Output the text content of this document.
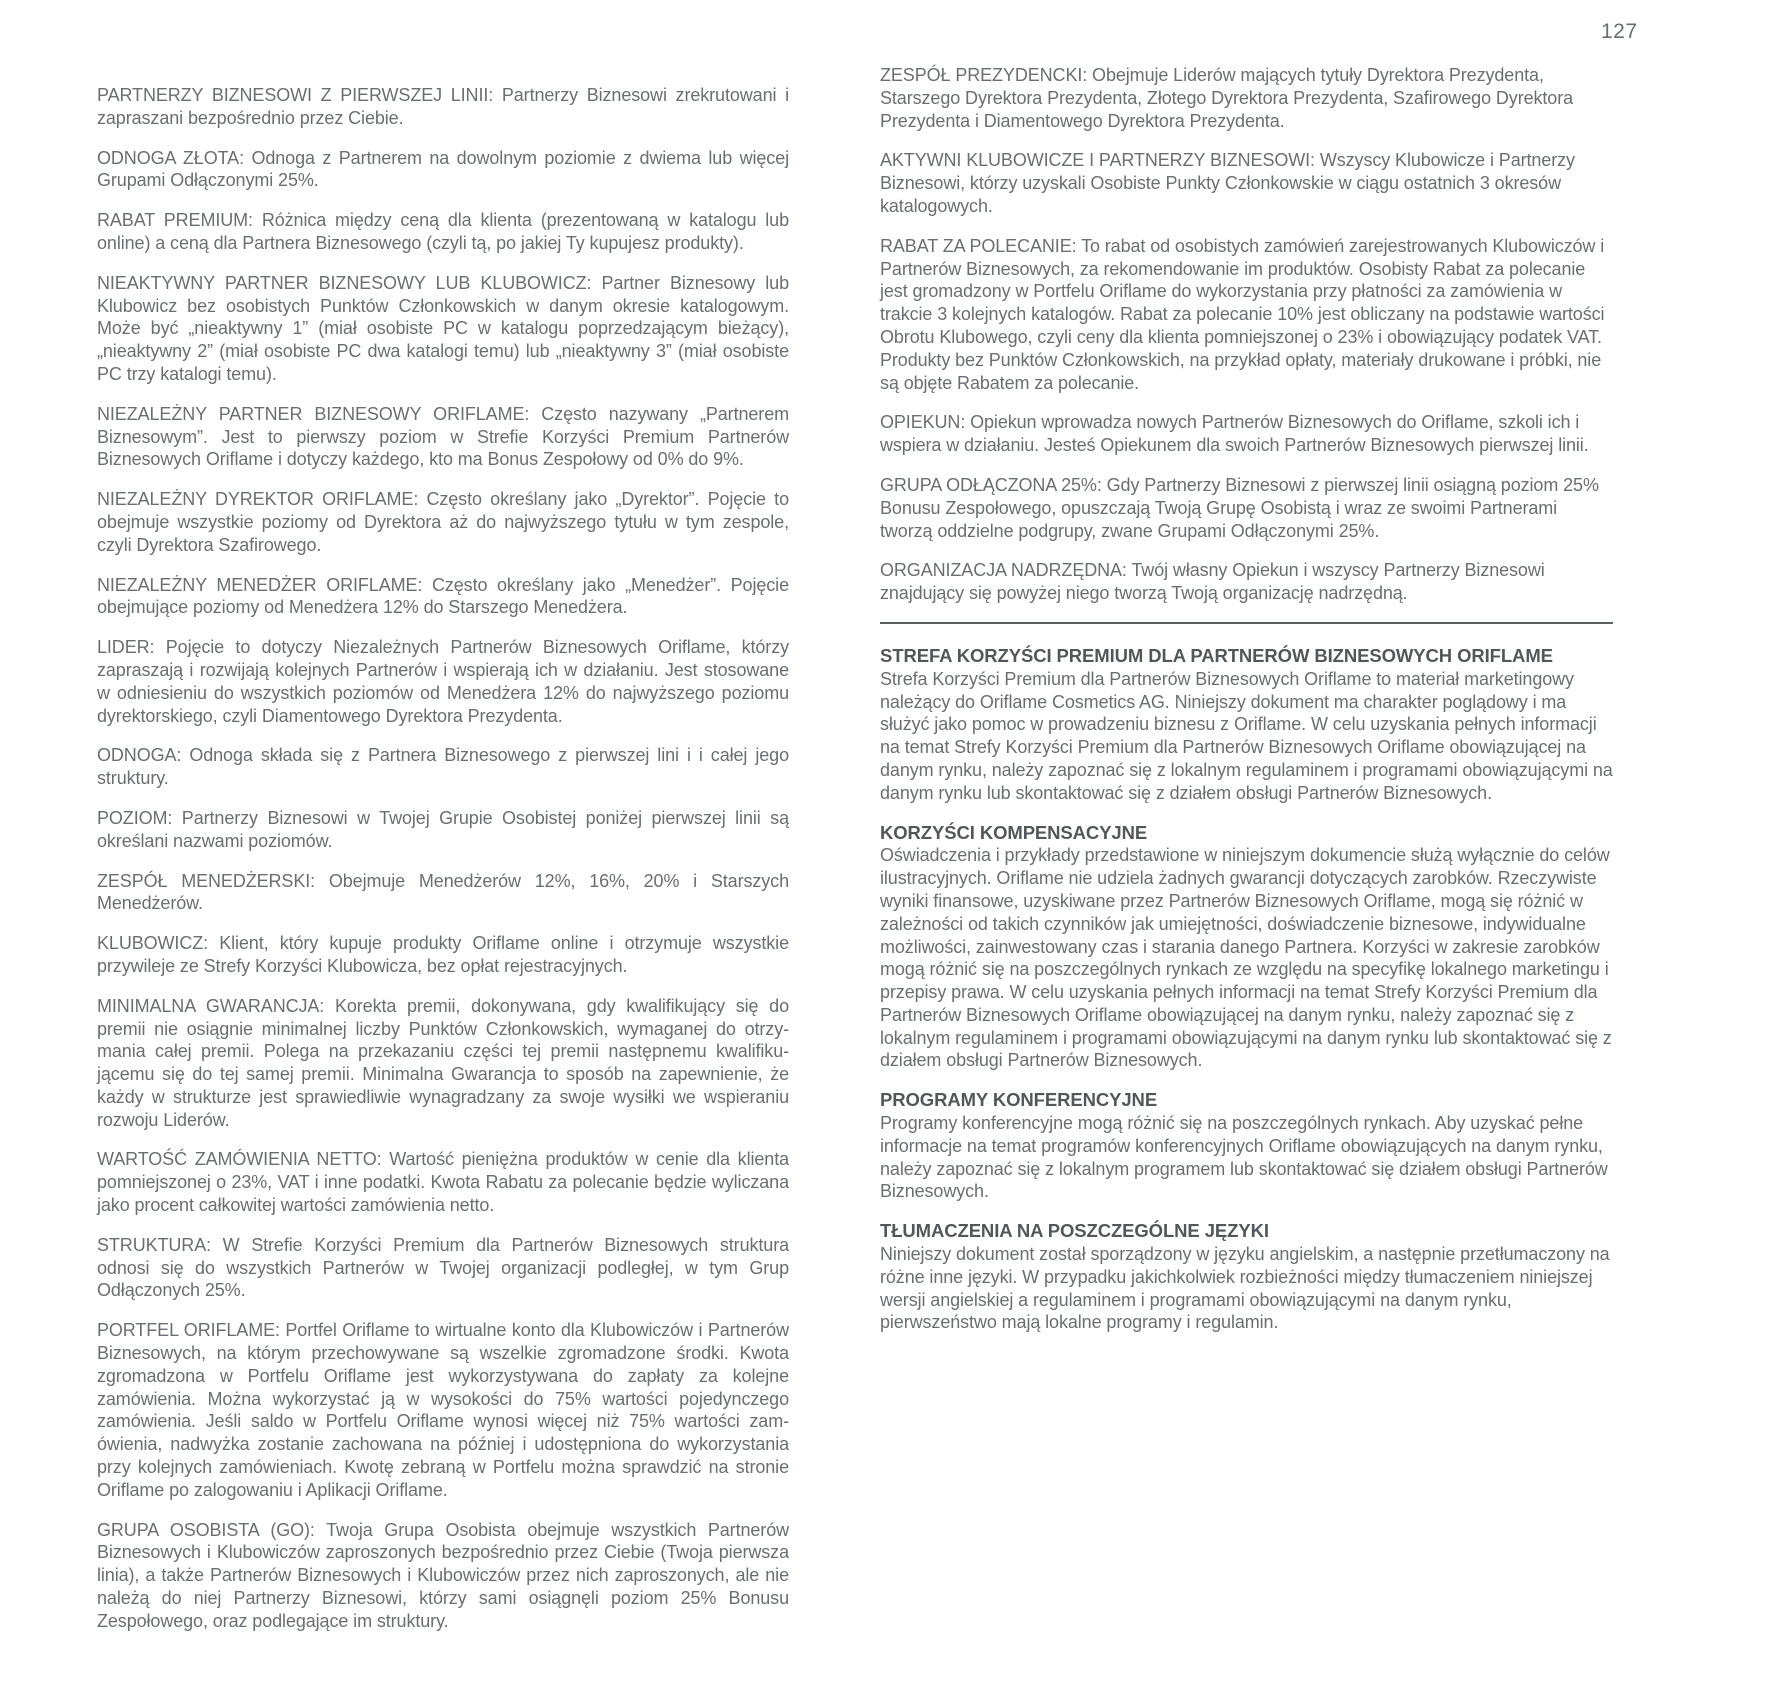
127

PARTNERZY BIZNESOWI Z PIERWSZEJ LINII: Partnerzy Biznesowi zrekrutowani i zapraszani bezpośrednio przez Ciebie.

ODNOGA ZŁOTA: Odnoga z Partnerem na dowolnym poziomie z dwiema lub więcej Grupami Odłączonymi 25%.

RABAT PREMIUM: Różnica między ceną dla klienta (prezentowaną w katalogu lub online) a ceną dla Partnera Biznesowego (czyli tą, po jakiej Ty kupujesz produkty).

NIEAKTYWNY PARTNER BIZNESOWY LUB KLUBOWICZ: Partner Biznesowy lub Klubowicz bez osobistych Punktów Członkowskich w danym okresie katalogowym. Może być „nieaktywny 1” (miał osobiste PC w katalogu poprzedzającym bieżący), „nieaktywny 2” (miał osobiste PC dwa katalogi temu) lub „nieaktywny 3” (miał osobiste PC trzy katalogi temu).

NIEZALEŻNY PARTNER BIZNESOWY ORIFLAME: Często nazywany „Partnerem Biznesowym”. Jest to pierwszy poziom w Strefie Korzyści Premium Partnerów Biznesowych Oriflame i dotyczy każdego, kto ma Bonus Zespołowy od 0% do 9%.

NIEZALEŻNY DYREKTOR ORIFLAME: Często określany jako „Dyrektor”. Pojęcie to obejmuje wszystkie poziomy od Dyrektora aż do najwyższego tytułu w tym zespole, czyli Dyrektora Szafirowego.

NIEZALEŻNY MENEDŻER ORIFLAME: Często określany jako „Menedżer”. Pojęcie obejmujące poziomy od Menedżera 12% do Starszego Menedżera.

LIDER: Pojęcie to dotyczy Niezależnych Partnerów Biznesowych Oriflame, którzy zapraszają i rozwijają kolejnych Partnerów i wspierają ich w działaniu. Jest stosowane w odniesieniu do wszystkich poziomów od Menedżera 12% do najwyższego poziomu dyrektorskiego, czyli Diamentowego Dyrektora Prezydenta.

ODNOGA: Odnoga składa się z Partnera Biznesowego z pierwszej lini i i całej jego struktury.

POZIOM: Partnerzy Biznesowi w Twojej Grupie Osobistej poniżej pierwszej linii są określani nazwami poziomów.

ZESPÓŁ MENEDŻERSKI: Obejmuje Menedżerów 12%, 16%, 20% i Starszych Menedżerów.

KLUBOWICZ: Klient, który kupuje produkty Oriflame online i otrzymuje wszystkie przywileje ze Strefy Korzyści Klubowicza, bez opłat rejestracyjnych.

MINIMALNA GWARANCJA: Korekta premii, dokonywana, gdy kwalifikujący się do premii nie osiągnie minimalnej liczby Punktów Członkowskich, wymaganej do otrzy- mania całej premii. Polega na przekazaniu części tej premii następnemu kwalifiku- jącemu się do tej samej premii. Minimalna Gwarancja to sposób na zapewnienie, że każdy w strukturze jest sprawiedliwie wynagradzany za swoje wysiłki we wspieraniu rozwoju Liderów.

WARTOŚĆ ZAMÓWIENIA NETTO: Wartość pieniężna produktów w cenie dla klienta pomniejszonej o 23%, VAT i inne podatki. Kwota Rabatu za polecanie będzie wyliczana jako procent całkowitej wartości zamówienia netto.

STRUKTURA: W Strefie Korzyści Premium dla Partnerów Biznesowych struktura odnosi się do wszystkich Partnerów w Twojej organizacji podległej, w tym Grup Odłączonych 25%.

PORTFEL ORIFLAME: Portfel Oriflame to wirtualne konto dla Klubowiczów i Partnerów Biznesowych, na którym przechowywane są wszelkie zgromadzone środki. Kwota zgromadzona w Portfelu Oriflame jest wykorzystywana do zapłaty za kolejne zamówienia. Można wykorzystać ją w wysokości do 75% wartości pojedynczego zamówienia. Jeśli saldo w Portfelu Oriflame wynosi więcej niż 75% wartości zam- ówienia, nadwyżka zostanie zachowana na później i udostępniona do wykorzystania przy kolejnych zamówieniach. Kwotę zebraną w Portfelu można sprawdzić na stronie Oriflame po zalogowaniu i Aplikacji Oriflame.

GRUPA OSOBISTA (GO): Twoja Grupa Osobista obejmuje wszystkich Partnerów Biznesowych i Klubowiczów zaproszonych bezpośrednio przez Ciebie (Twoja pierwsza linia), a także Partnerów Biznesowych i Klubowiczów przez nich zaproszonych, ale nie należą do niej Partnerzy Biznesowi, którzy sami osiągnęli poziom 25% Bonusu Zespołowego, oraz podlegające im struktury.

ZESPÓŁ PREZYDENCKI: Obejmuje Liderów mających tytuły Dyrektora Prezydenta, Starszego Dyrektora Prezydenta, Złotego Dyrektora Prezydenta, Szafirowego Dyrektora Prezydenta i Diamentowego Dyrektora Prezydenta.

AKTYWNI KLUBOWICZE I PARTNERZY BIZNESOWI: Wszyscy Klubowicze i Partnerzy Biznesowi, którzy uzyskali Osobiste Punkty Członkowskie w ciągu ostatnich 3 okresów katalogowych.

RABAT ZA POLECANIE: To rabat od osobistych zamówień zarejestrowanych Klubowiczów i Partnerów Biznesowych, za rekomendowanie im produktów. Osobisty Rabat za polecanie jest gromadzony w Portfelu Oriflame do wykorzystania przy płatności za zamówienia w trakcie 3 kolejnych katalogów. Rabat za polecanie 10% jest obliczany na podstawie wartości Obrotu Klubowego, czyli ceny dla klienta pomniejszonej o 23% i obowiązujący podatek VAT. Produkty bez Punktów Członkowskich, na przykład opłaty, materiały drukowane i próbki, nie są objęte Rabatem za polecanie.

OPIEKUN: Opiekun wprowadza nowych Partnerów Biznesowych do Oriflame, szkoli ich i wspiera w działaniu. Jesteś Opiekunem dla swoich Partnerów Biznesowych pierwszej linii.

GRUPA ODŁĄCZONA 25%: Gdy Partnerzy Biznesowi z pierwszej linii osiągną poziom 25% Bonusu Zespołowego, opuszczają Twoją Grupę Osobistą i wraz ze swoimi Partnerami tworzą oddzielne podgrupy, zwane Grupami Odłączonymi 25%.

ORGANIZACJA NADRZĘDNA: Twój własny Opiekun i wszyscy Partnerzy Biznesowi znajdujący się powyżej niego tworzą Twoją organizację nadrzędną.

STREFA KORZYŚCI PREMIUM DLA PARTNERÓW BIZNESOWYCH ORIFLAME

Strefa Korzyści Premium dla Partnerów Biznesowych Oriflame to materiał marketingowy należący do Oriflame Cosmetics AG. Niniejszy dokument ma charakter poglądowy i ma służyć jako pomoc w prowadzeniu biznesu z Oriflame. W celu uzyskania pełnych informacji na temat Strefy Korzyści Premium dla Partnerów Biznesowych Oriflame obowiązującej na danym rynku, należy zapoznać się z lokalnym regulaminem i programami obowiązującymi na danym rynku lub skontaktować się z działem obsługi Partnerów Biznesowych.

KORZYŚCI KOMPENSACYJNE

Oświadczenia i przykłady przedstawione w niniejszym dokumencie służą wyłącznie do celów ilustracyjnych. Oriflame nie udziela żadnych gwarancji dotyczących zarobków. Rzeczywiste wyniki finansowe, uzyskiwane przez Partnerów Biznesowych Oriflame, mogą się różnić w zależności od takich czynników jak umiejętności, doświadczenie biznesowe, indywidualne możliwości, zainwestowany czas i starania danego Partnera. Korzyści w zakresie zarobków mogą różnić się na poszczególnych rynkach ze względu na specyfikę lokalnego marketingu i przepisy prawa. W celu uzyskania pełnych informacji na temat Strefy Korzyści Premium dla Partnerów Biznesowych Oriflame obowiązującej na danym rynku, należy zapoznać się z lokalnym regulaminem i programami obowiązującymi na danym rynku lub skontaktować się z działem obsługi Partnerów Biznesowych.

PROGRAMY KONFERENCYJNE

Programy konferencyjne mogą różnić się na poszczególnych rynkach. Aby uzyskać pełne informacje na temat programów konferencyjnych Oriflame obowiązujących na danym rynku, należy zapoznać się z lokalnym programem lub skontaktować się działem obsługi Partnerów Biznesowych.

TŁUMACZENIA NA POSZCZEGÓLNE JĘZYKI

Niniejszy dokument został sporządzony w języku angielskim, a następnie przetłumaczony na różne inne języki. W przypadku jakichkolwiek rozbieżności między tłumaczeniem niniejszej wersji angielskiej a regulaminem i programami obowiązującymi na danym rynku, pierwszeństwo mają lokalne programy i regulamin.
